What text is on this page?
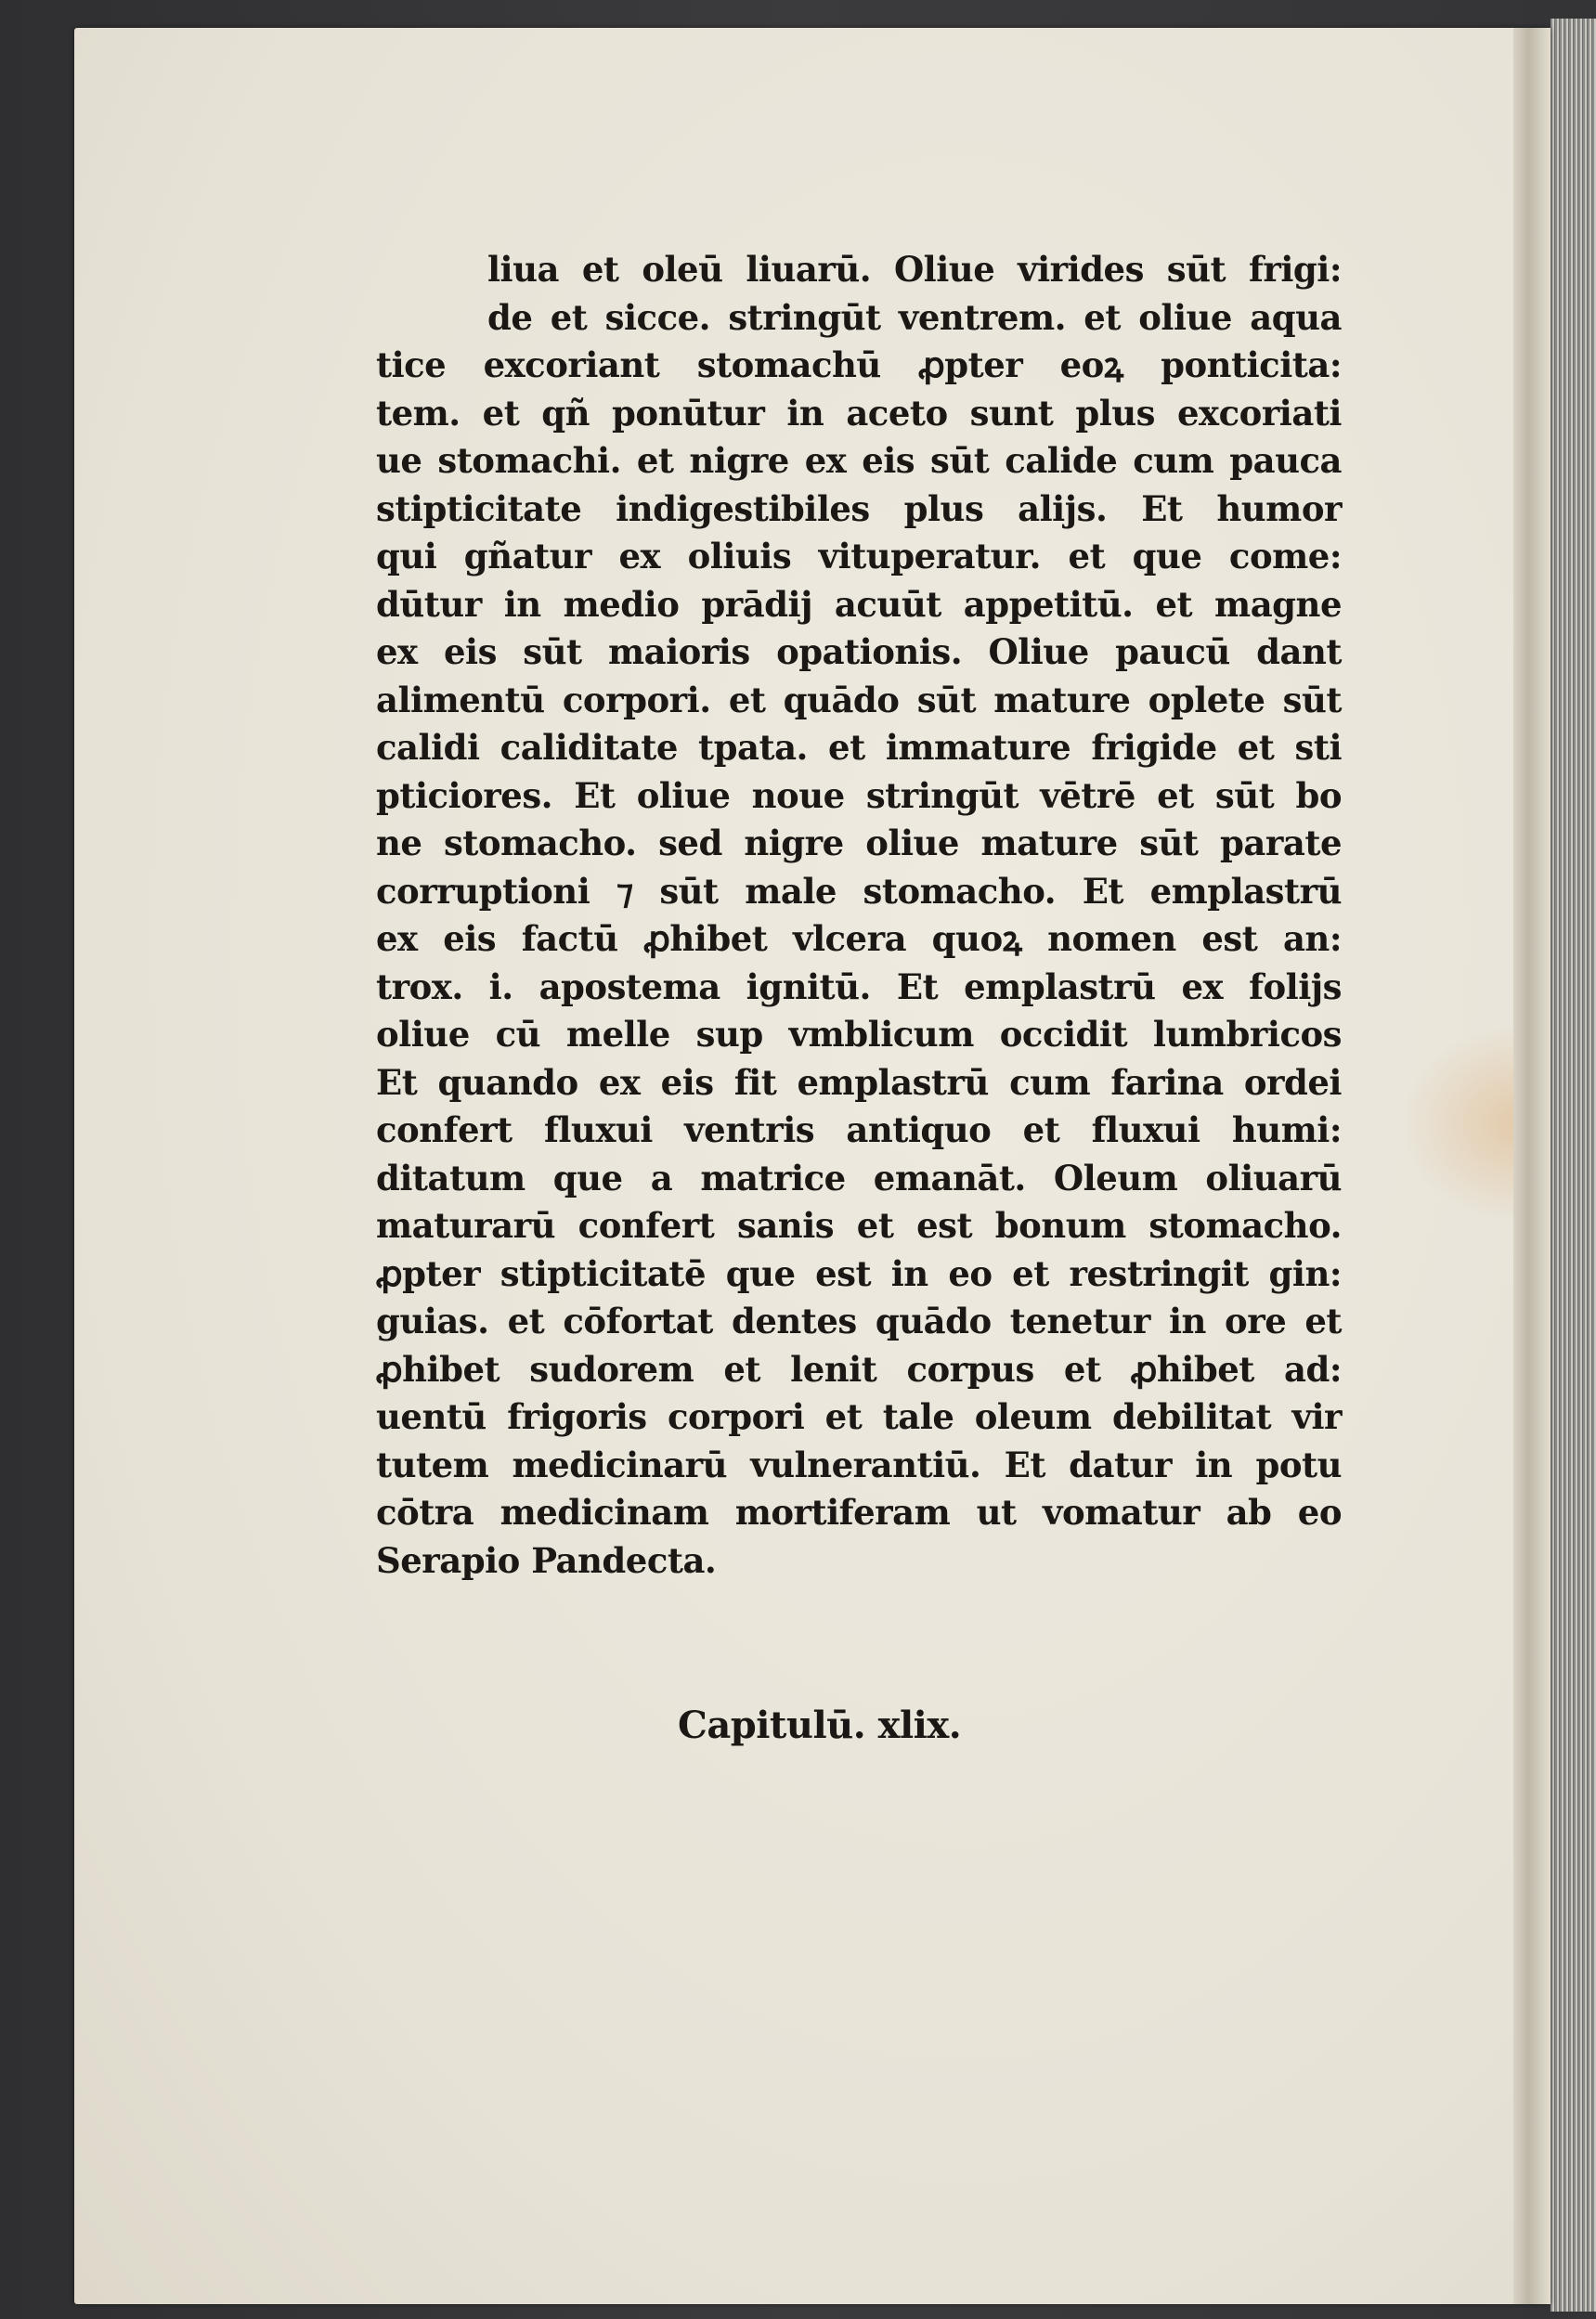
liua et oleū liuarū. Oliue virides sūt frigi:
de et sicce. stringūt ventrem. et oliue aqua
tice excoriant stomachū ꝓpter eoꝝ ponticita:
tem. et qñ ponūtur in aceto sunt plus excoriati
ue stomachi. et nigre ex eis sūt calide cum pauca
stipticitate indigestibiles plus alijs. Et humor
qui gñatur ex oliuis vituperatur. et que come:
dūtur in medio prādij acuūt appetitū. et magne
ex eis sūt maioris opationis. Oliue paucū dant
alimentū corpori. et quādo sūt mature oplete sūt
calidi caliditate tpata. et immature frigide et sti
pticiores. Et oliue noue stringūt vētrē et sūt bo
ne stomacho. sed nigre oliue mature sūt parate
corruptioni ⁊ sūt male stomacho. Et emplastrū
ex eis factū ꝓhibet vlcera quoꝝ nomen est an:
trox. i. apostema ignitū. Et emplastrū ex folijs
oliue cū melle sup vmblicum occidit lumbricos
Et quando ex eis fit emplastrū cum farina ordei
confert fluxui ventris antiquo et fluxui humi:
ditatum que a matrice emanāt. Oleum oliuarū
maturarū confert sanis et est bonum stomacho.
ꝓpter stipticitatē que est in eo et restringit gin:
guias. et cōfortat dentes quādo tenetur in ore et
ꝓhibet sudorem et lenit corpus et ꝓhibet ad:
uentū frigoris corpori et tale oleum debilitat vir
tutem medicinarū vulnerantiū. Et datur in potu
cōtra medicinam mortiferam ut vomatur ab eo
Serapio Pandecta.
Capitulū. xlix.
